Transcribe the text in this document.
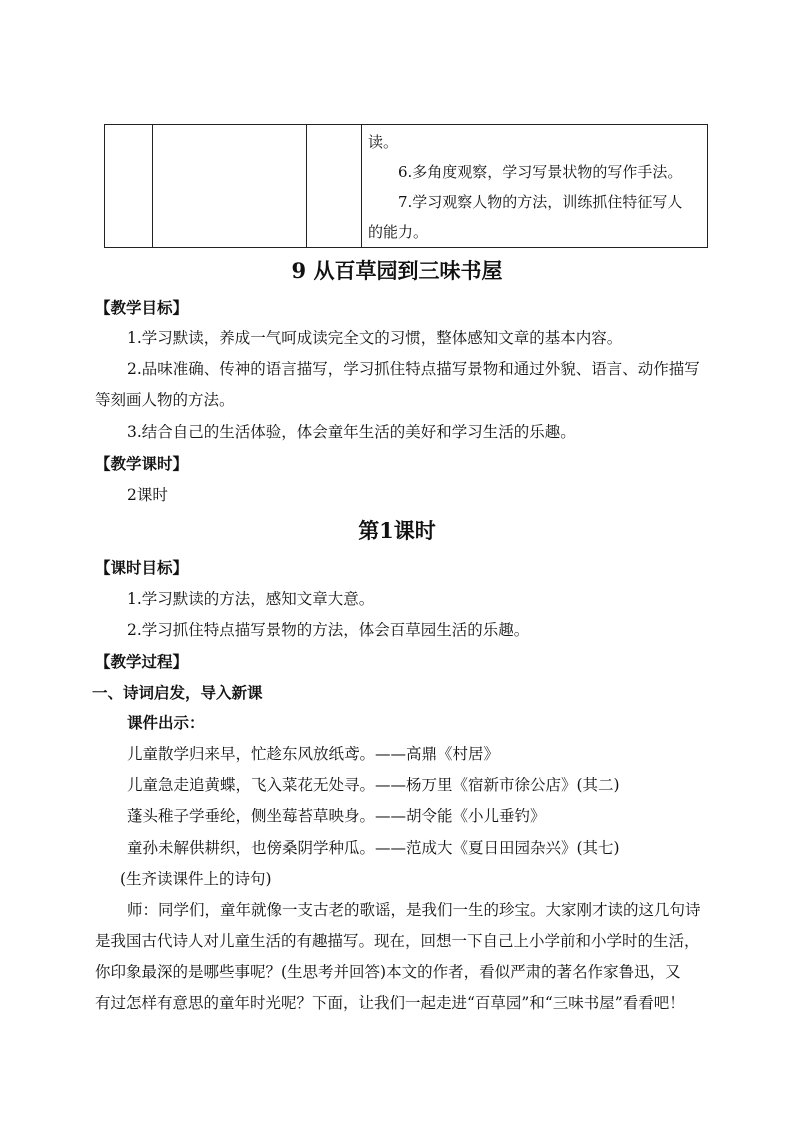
读。

6.多角度观察，学习写景状物的写作手法。

7.学习观察人物的方法，训练抓住特征写人

的能力。

9 从百草园到三味书屋
【教学目标】
1.学习默读，养成一气呵成读完全文的习惯，整体感知文章的基本内容。
2.品味准确、传神的语言描写，学习抓住特点描写景物和通过外貌、语言、动作描写
等刻画人物的方法。
3.结合自己的生活体验，体会童年生活的美好和学习生活的乐趣。
【教学课时】
2课时
第1课时
【课时目标】
1.学习默读的方法，感知文章大意。
2.学习抓住特点描写景物的方法，体会百草园生活的乐趣。
【教学过程】
一、诗词启发，导入新课
课件出示：
儿童散学归来早，忙趁东风放纸鸢。——高鼎《村居》
儿童急走追黄蝶，飞入菜花无处寻。——杨万里《宿新市徐公店》(其二)
蓬头稚子学垂纶，侧坐莓苔草映身。——胡令能《小儿垂钓》
童孙未解供耕织，也傍桑阴学种瓜。——范成大《夏日田园杂兴》(其七)
(生齐读课件上的诗句)
师：同学们，童年就像一支古老的歌谣，是我们一生的珍宝。大家刚才读的这几句诗
是我国古代诗人对儿童生活的有趣描写。现在，回想一下自己上小学前和小学时的生活，
你印象最深的是哪些事呢？(生思考并回答)本文的作者，看似严肃的著名作家鲁迅，又
有过怎样有意思的童年时光呢？下面，让我们一起走进“百草园”和“三味书屋”看看吧！
